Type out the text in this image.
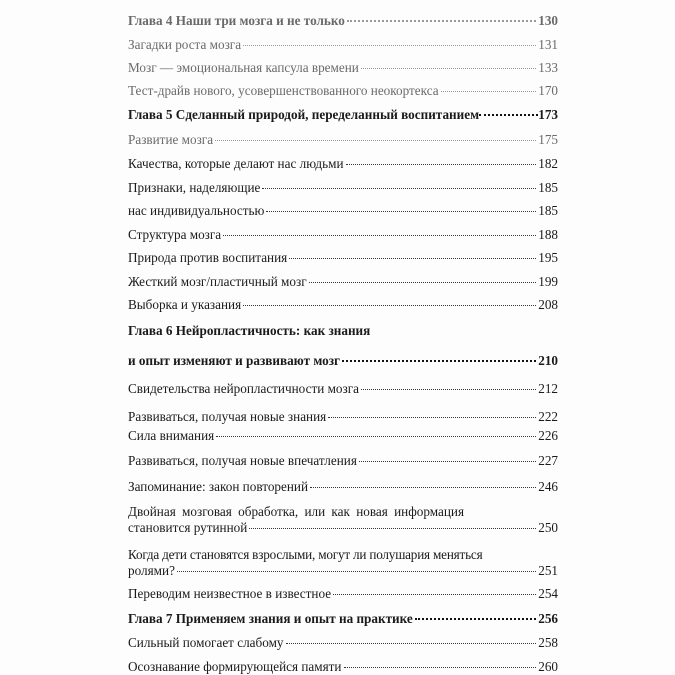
Глава 4 Наши три мозга и не только	130
Загадки роста мозга	131
Мозг — эмоциональная капсула времени	133
Тест-драйв нового, усовершенствованного неокортекса	170
Глава 5 Сделанный природой, переделанный воспитанием	173
Развитие мозга	175
Качества, которые делают нас людьми	182
Признаки, наделяющие	185
нас индивидуальностью	185
Структура мозга	188
Природа против воспитания	195
Жесткий мозг/пластичный мозг	199
Выборка и указания	208
Глава 6 Нейропластичность: как знания
и опыт изменяют и развивают мозг	210
Свидетельства нейропластичности мозга	212
Развиваться, получая новые знания	222
Сила внимания	226
Развиваться, получая новые впечатления	227
Запоминание: закон повторений	246
Двойная мозговая обработка, или как новая информация
становится рутинной	250
Когда дети становятся взрослыми, могут ли полушария меняться
ролями?	251
Переводим неизвестное в известное	254
Глава 7 Применяем знания и опыт на практике	256
Сильный помогает слабому	258
Осознавание формирующейся памяти	260
